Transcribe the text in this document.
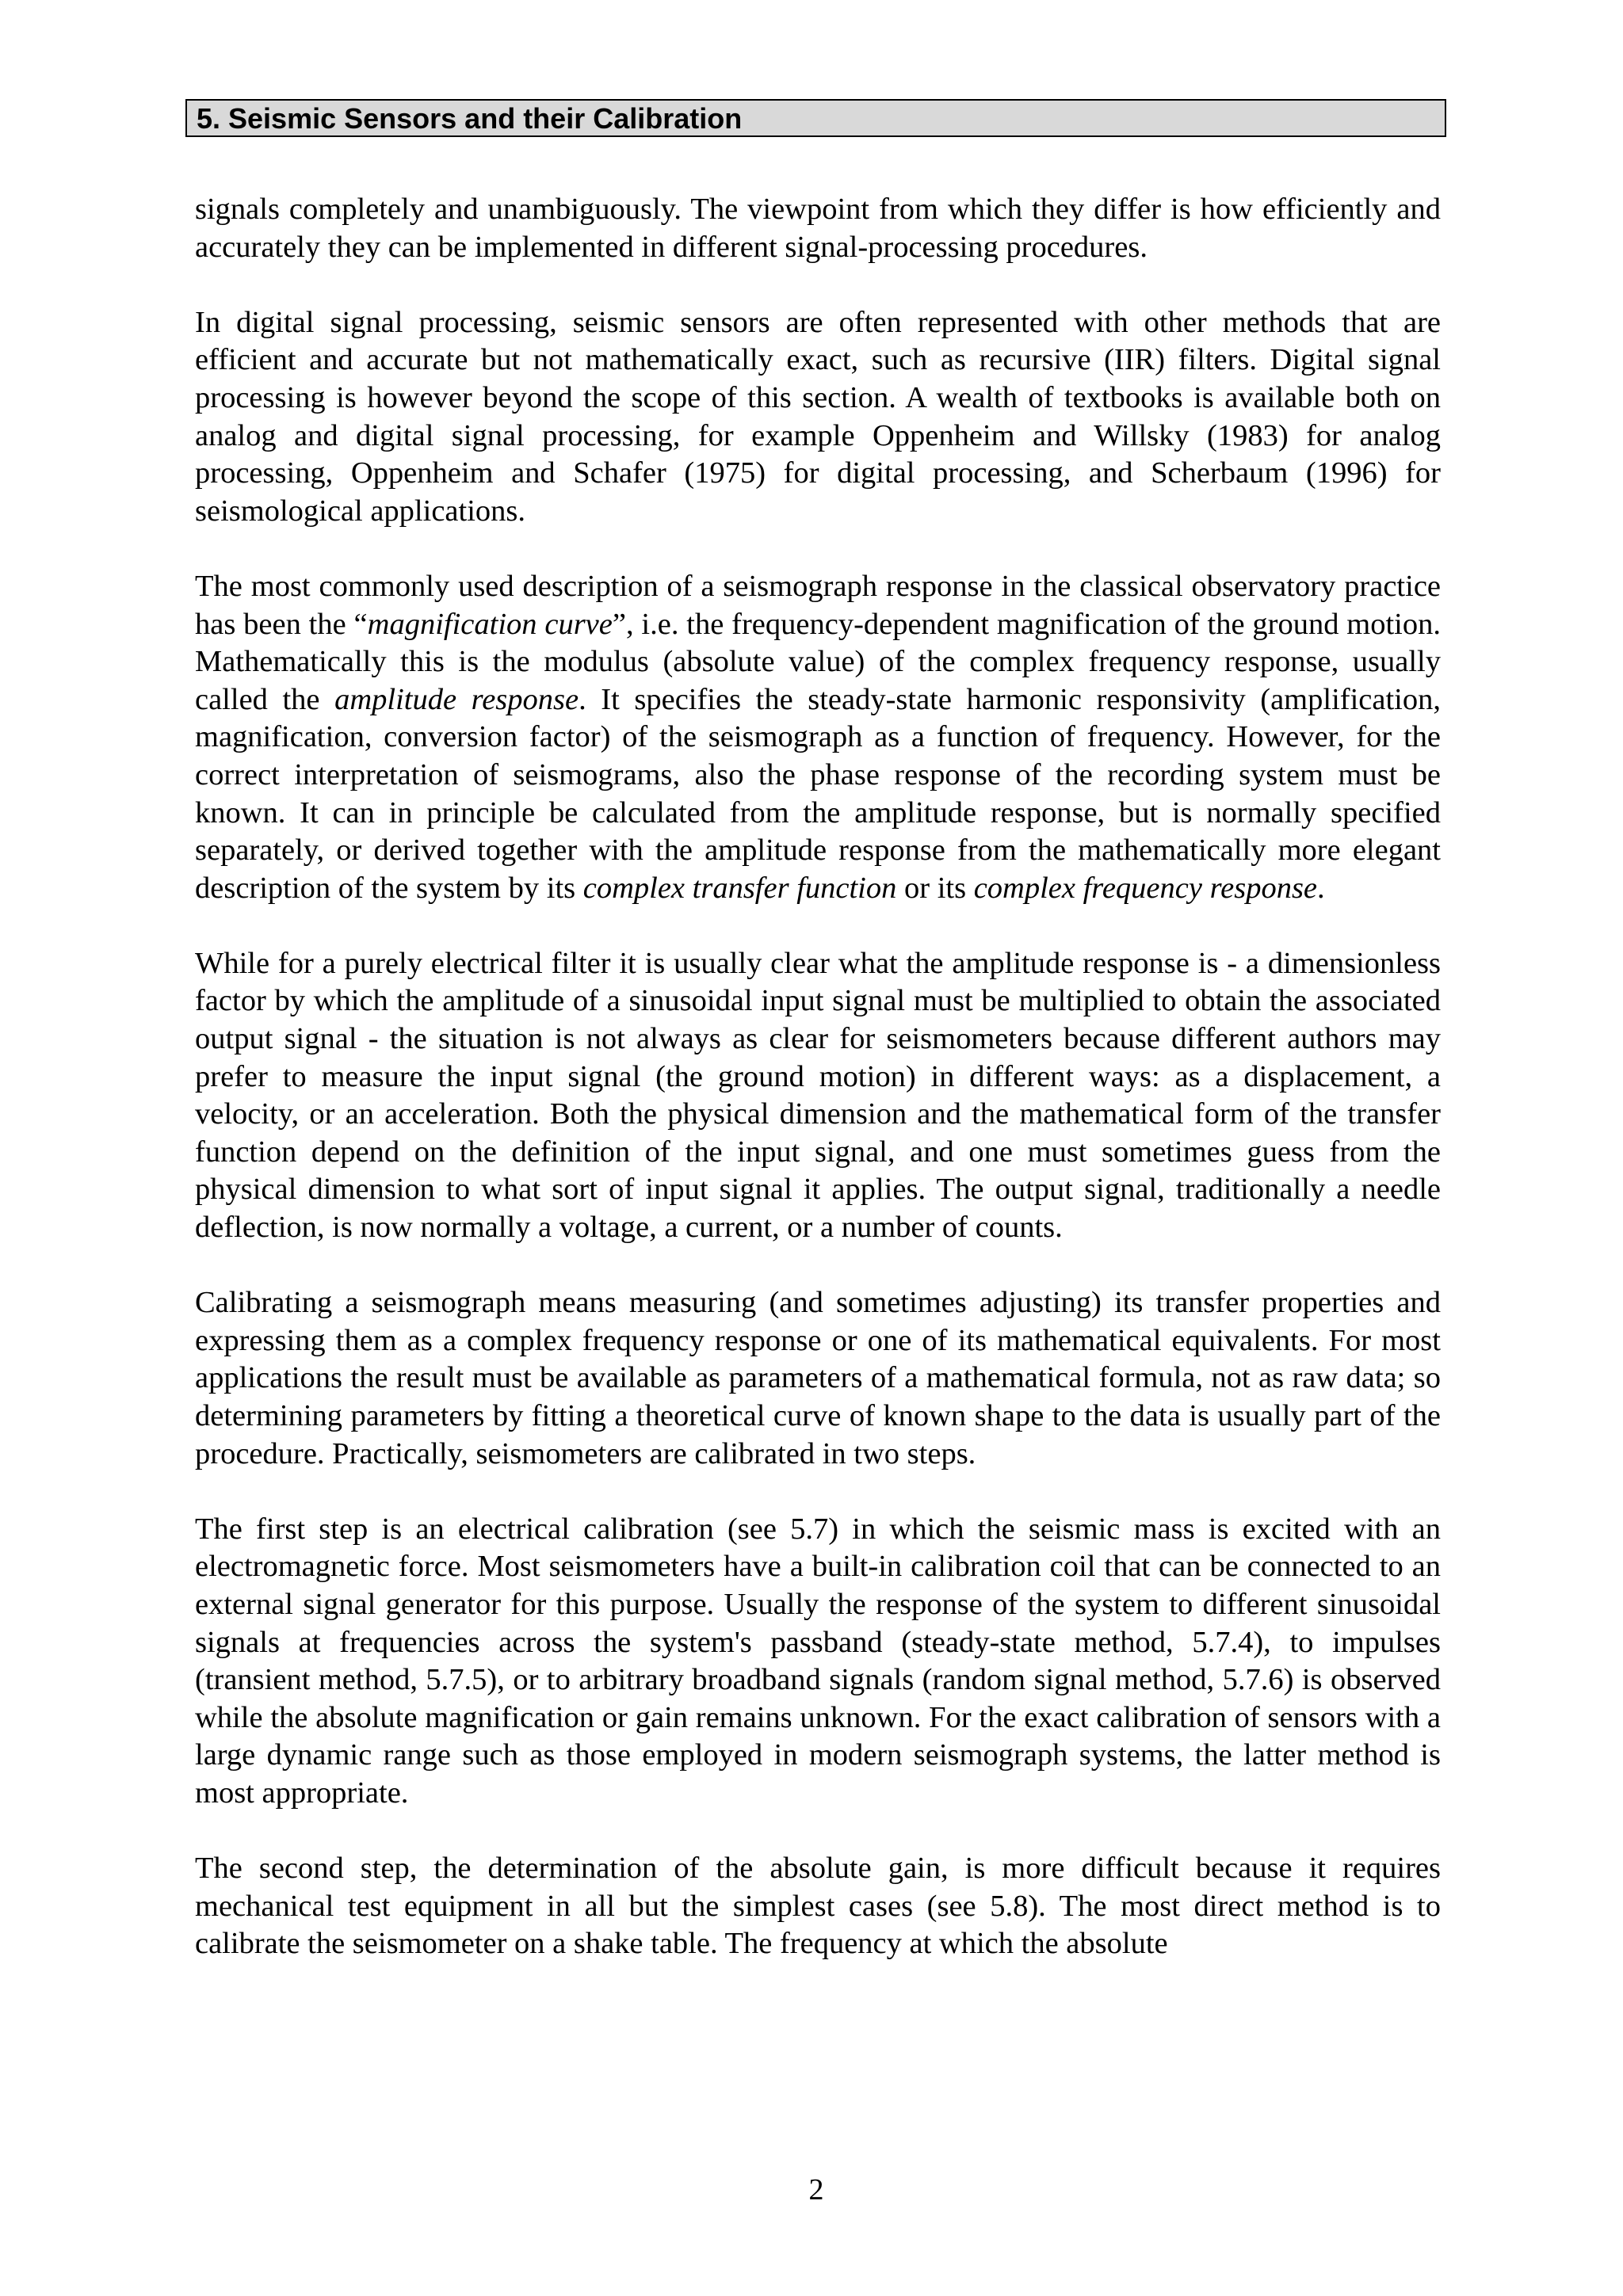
5. Seismic Sensors and their Calibration

signals completely and unambiguously. The viewpoint from which they differ is how efficiently and accurately they can be implemented in different signal-processing procedures.

In digital signal processing, seismic sensors are often represented with other methods that are efficient and accurate but not mathematically exact, such as recursive (IIR) filters. Digital signal processing is however beyond the scope of this section. A wealth of textbooks is available both on analog and digital signal processing, for example Oppenheim and Willsky (1983) for analog processing, Oppenheim and Schafer (1975) for digital processing, and Scherbaum (1996) for seismological applications.

The most commonly used description of a seismograph response in the classical observatory practice has been the “magnification curve”, i.e. the frequency-dependent magnification of the ground motion. Mathematically this is the modulus (absolute value) of the complex frequency response, usually called the amplitude response. It specifies the steady-state harmonic responsivity (amplification, magnification, conversion factor) of the seismograph as a function of frequency. However, for the correct interpretation of seismograms, also the phase response of the recording system must be known. It can in principle be calculated from the amplitude response, but is normally specified separately, or derived together with the amplitude response from the mathematically more elegant description of the system by its complex transfer function or its complex frequency response.

While for a purely electrical filter it is usually clear what the amplitude response is - a dimensionless factor by which the amplitude of a sinusoidal input signal must be multiplied to obtain the associated output signal - the situation is not always as clear for seismometers because different authors may prefer to measure the input signal (the ground motion) in different ways: as a displacement, a velocity, or an acceleration. Both the physical dimension and the mathematical form of the transfer function depend on the definition of the input signal, and one must sometimes guess from the physical dimension to what sort of input signal it applies. The output signal, traditionally a needle deflection, is now normally a voltage, a current, or a number of counts.

Calibrating a seismograph means measuring (and sometimes adjusting) its transfer properties and expressing them as a complex frequency response or one of its mathematical equivalents. For most applications the result must be available as parameters of a mathematical formula, not as raw data; so determining parameters by fitting a theoretical curve of known shape to the data is usually part of the procedure. Practically, seismometers are calibrated in two steps.

The first step is an electrical calibration (see 5.7) in which the seismic mass is excited with an electromagnetic force. Most seismometers have a built-in calibration coil that can be connected to an external signal generator for this purpose. Usually the response of the system to different sinusoidal signals at frequencies across the system's passband (steady-state method, 5.7.4), to impulses (transient method, 5.7.5), or to arbitrary broadband signals (random signal method, 5.7.6) is observed while the absolute magnification or gain remains unknown. For the exact calibration of sensors with a large dynamic range such as those employed in modern seismograph systems, the latter method is most appropriate.

The second step, the determination of the absolute gain, is more difficult because it requires mechanical test equipment in all but the simplest cases (see 5.8). The most direct method is to calibrate the seismometer on a shake table. The frequency at which the absolute

2
